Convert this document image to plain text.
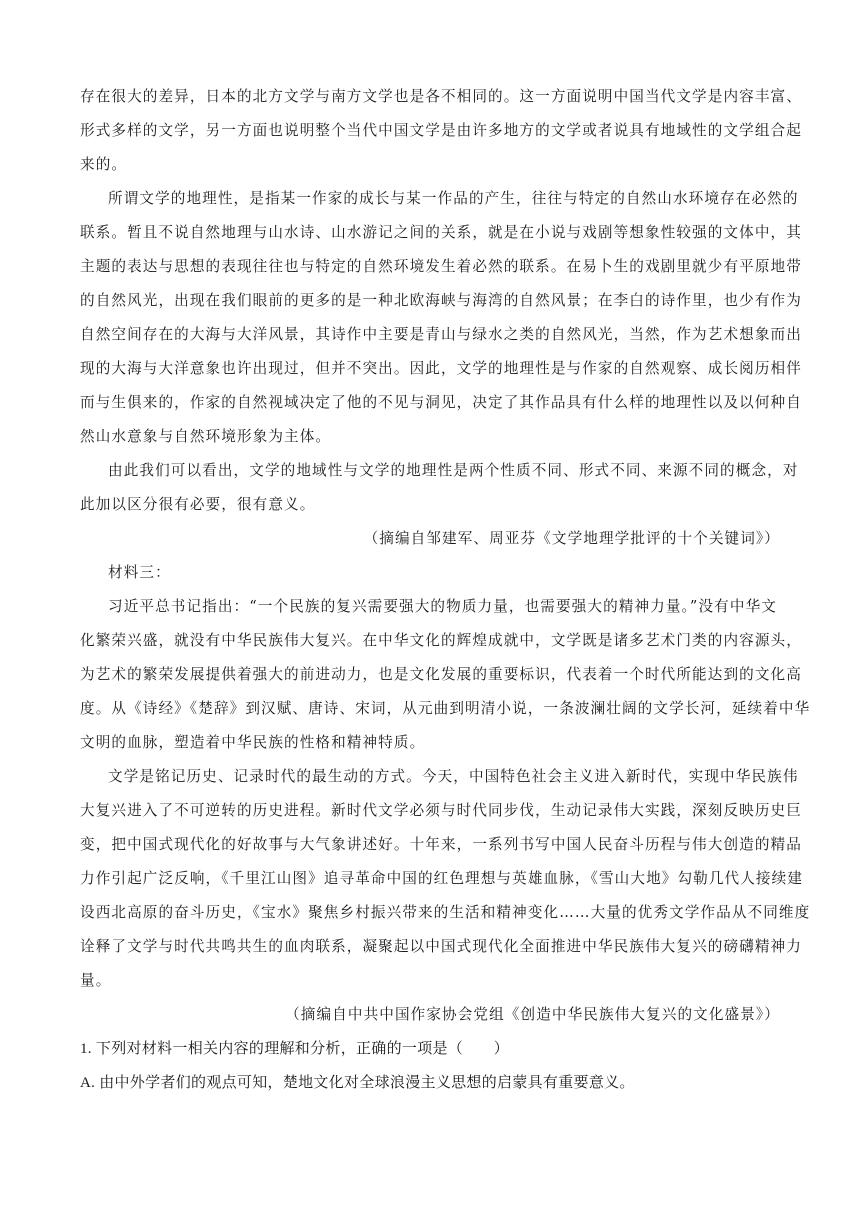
存在很大的差异，日本的北方文学与南方文学也是各不相同的。这一方面说明中国当代文学是内容丰富、
形式多样的文学，另一方面也说明整个当代中国文学是由许多地方的文学或者说具有地域性的文学组合起
来的。
所谓文学的地理性，是指某一作家的成长与某一作品的产生，往往与特定的自然山水环境存在必然的
联系。暂且不说自然地理与山水诗、山水游记之间的关系，就是在小说与戏剧等想象性较强的文体中，其
主题的表达与思想的表现往往也与特定的自然环境发生着必然的联系。在易卜生的戏剧里就少有平原地带
的自然风光，出现在我们眼前的更多的是一种北欧海峡与海湾的自然风景；在李白的诗作里，也少有作为
自然空间存在的大海与大洋风景，其诗作中主要是青山与绿水之类的自然风光，当然，作为艺术想象而出
现的大海与大洋意象也许出现过，但并不突出。因此，文学的地理性是与作家的自然观察、成长阅历相伴
而与生俱来的，作家的自然视域决定了他的不见与洞见，决定了其作品具有什么样的地理性以及以何种自
然山水意象与自然环境形象为主体。
由此我们可以看出，文学的地域性与文学的地理性是两个性质不同、形式不同、来源不同的概念，对
此加以区分很有必要，很有意义。
（摘编自邹建军、周亚芬《文学地理学批评的十个关键词》）
材料三：
习近平总书记指出：“一个民族的复兴需要强大的物质力量，也需要强大的精神力量。”没有中华文
化繁荣兴盛，就没有中华民族伟大复兴。在中华文化的辉煌成就中，文学既是诸多艺术门类的内容源头，
为艺术的繁荣发展提供着强大的前进动力，也是文化发展的重要标识，代表着一个时代所能达到的文化高
度。从《诗经》《楚辞》到汉赋、唐诗、宋词，从元曲到明清小说，一条波澜壮阔的文学长河，延续着中华
文明的血脉，塑造着中华民族的性格和精神特质。
文学是铭记历史、记录时代的最生动的方式。今天，中国特色社会主义进入新时代，实现中华民族伟
大复兴进入了不可逆转的历史进程。新时代文学必须与时代同步伐，生动记录伟大实践，深刻反映历史巨
变，把中国式现代化的好故事与大气象讲述好。十年来，一系列书写中国人民奋斗历程与伟大创造的精品
力作引起广泛反响，《千里江山图》追寻革命中国的红色理想与英雄血脉，《雪山大地》勾勒几代人接续建
设西北高原的奋斗历史，《宝水》聚焦乡村振兴带来的生活和精神变化……大量的优秀文学作品从不同维度
诠释了文学与时代共鸣共生的血肉联系，凝聚起以中国式现代化全面推进中华民族伟大复兴的磅礴精神力
量。
（摘编自中共中国作家协会党组《创造中华民族伟大复兴的文化盛景》）
1. 下列对材料一相关内容的理解和分析，正确的一项是（　　）
A. 由中外学者们的观点可知，楚地文化对全球浪漫主义思想的启蒙具有重要意义。
